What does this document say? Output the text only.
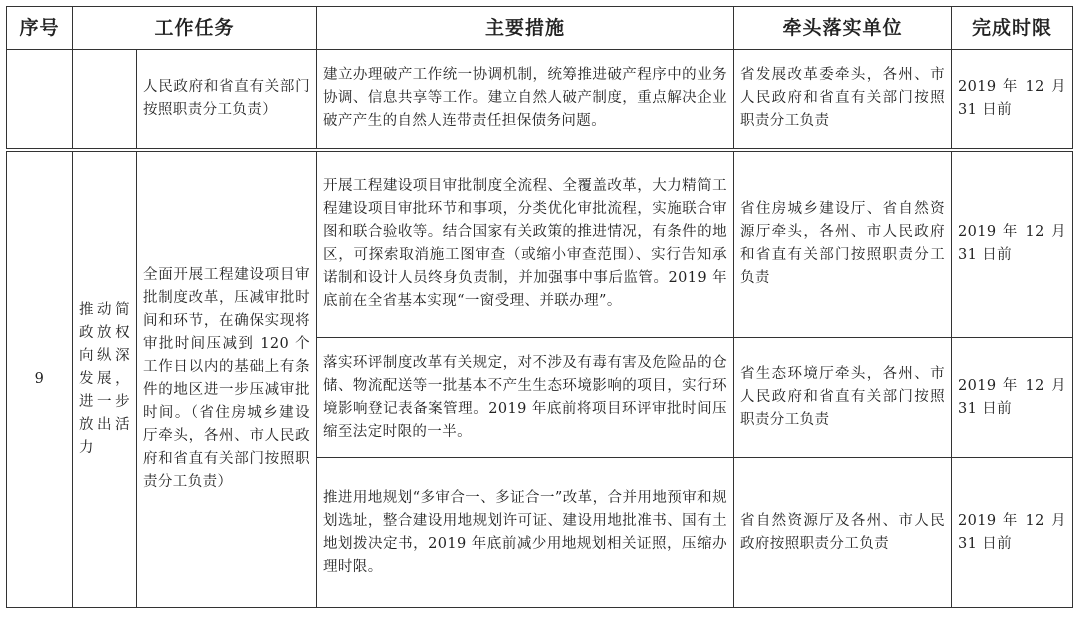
序号	工作任务		主要措施	牵头落实单位	完成时限
		人民政府和省直有关部门按照职责分工负责）	建立办理破产工作统一协调机制，统筹推进破产程序中的业务协调、信息共享等工作。建立自然人破产制度，重点解决企业破产产生的自然人连带责任担保债务问题。	省发展改革委牵头，各州、市人民政府和省直有关部门按照职责分工负责	2019 年 12 月 31 日前
9	推动简政放权向纵深发展，进一步放出活力	全面开展工程建设项目审批制度改革，压减审批时间和环节，在确保实现将审批时间压减到 120 个工作日以内的基础上有条件的地区进一步压减审批时间。（省住房城乡建设厅牵头，各州、市人民政府和省直有关部门按照职责分工负责）	开展工程建设项目审批制度全流程、全覆盖改革，大力精简工程建设项目审批环节和事项，分类优化审批流程，实施联合审图和联合验收等。结合国家有关政策的推进情况，有条件的地区，可探索取消施工图审查（或缩小审查范围）、实行告知承诺制和设计人员终身负责制，并加强事中事后监管。2019 年底前在全省基本实现“一窗受理、并联办理”。	省住房城乡建设厅、省自然资源厅牵头，各州、市人民政府和省直有关部门按照职责分工负责	2019 年 12 月 31 日前
			落实环评制度改革有关规定，对不涉及有毒有害及危险品的仓储、物流配送等一批基本不产生生态环境影响的项目，实行环境影响登记表备案管理。2019 年底前将项目环评审批时间压缩至法定时限的一半。	省生态环境厅牵头，各州、市人民政府和省直有关部门按照职责分工负责	2019 年 12 月 31 日前
			推进用地规划“多审合一、多证合一”改革，合并用地预审和规划选址，整合建设用地规划许可证、建设用地批准书、国有土地划拨决定书，2019 年底前减少用地规划相关证照，压缩办理时限。	省自然资源厅及各州、市人民政府按照职责分工负责	2019 年 12 月 31 日前
